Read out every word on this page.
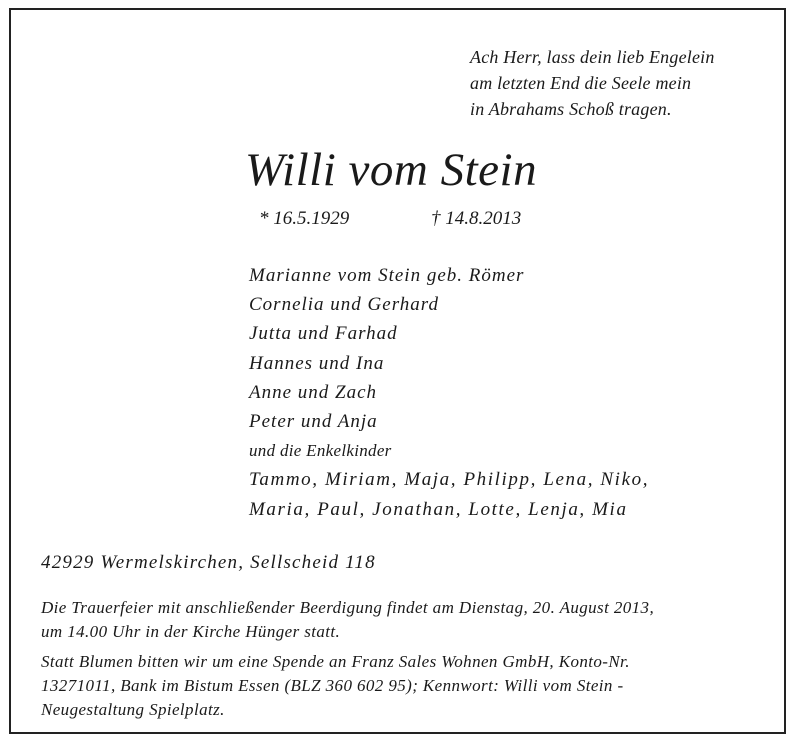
Ach Herr, lass dein lieb Engelein
am letzten End die Seele mein
in Abrahams Schoß tragen.
Willi vom Stein
* 16.5.1929	† 14.8.2013
Marianne vom Stein geb. Römer
Cornelia und Gerhard
Jutta und Farhad
Hannes und Ina
Anne und Zach
Peter und Anja
und die Enkelkinder
Tammo, Miriam, Maja, Philipp, Lena, Niko,
Maria, Paul, Jonathan, Lotte, Lenja, Mia
42929 Wermelskirchen, Sellscheid 118
Die Trauerfeier mit anschließender Beerdigung findet am Dienstag, 20. August 2013,
um 14.00 Uhr in der Kirche Hünger statt.
Statt Blumen bitten wir um eine Spende an Franz Sales Wohnen GmbH, Konto-Nr.
13271011, Bank im Bistum Essen (BLZ 360 602 95); Kennwort: Willi vom Stein -
Neugestaltung Spielplatz.
